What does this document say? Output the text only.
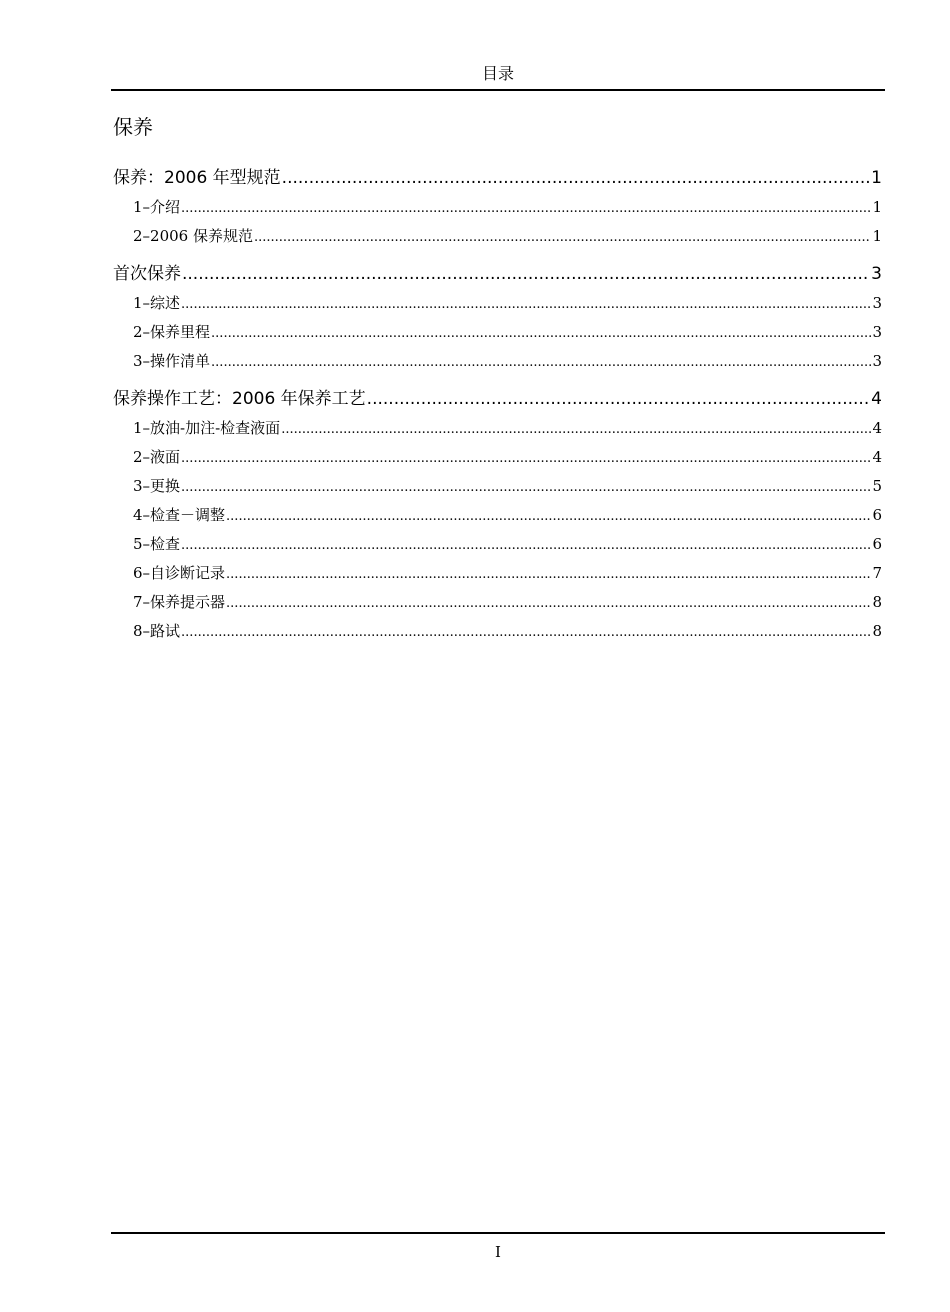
目录
保养
保养：2006 年型规范 .....	1
1–介绍 .....	1
2–2006 保养规范 .....	1
首次保养 .....	3
1–综述 .....	3
2–保养里程 .....	3
3–操作清单 .....	3
保养操作工艺：2006 年保养工艺 .....	4
1–放油-加注-检查液面 .....	4
2–液面 .....	4
3–更换 .....	5
4–检查－调整 .....	6
5–检查 .....	6
6–自诊断记录 .....	7
7–保养提示器 .....	8
8–路试 .....	8
I
